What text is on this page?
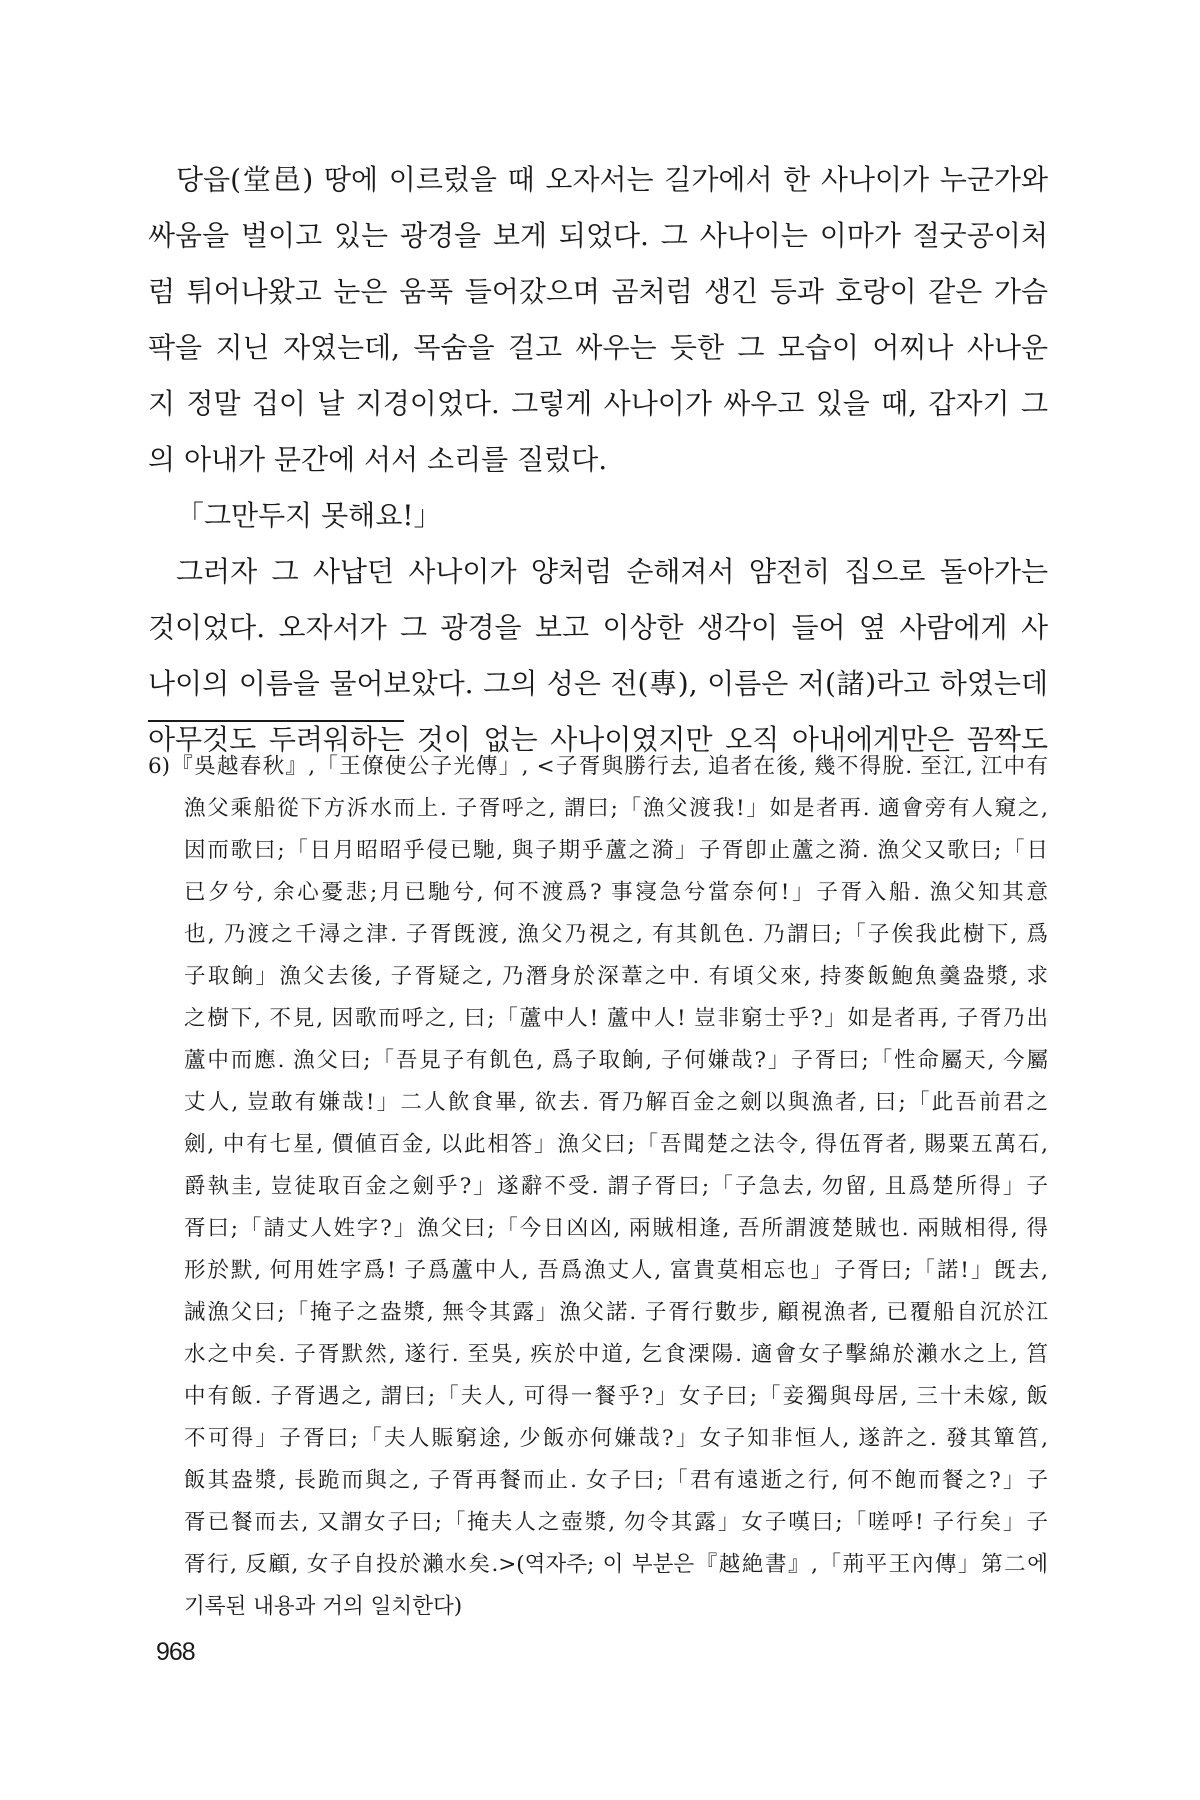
당읍(堂邑) 땅에 이르렀을 때 오자서는 길가에서 한 사나이가 누군가와
싸움을 벌이고 있는 광경을 보게 되었다. 그 사나이는 이마가 절굿공이처
럼 튀어나왔고 눈은 움푹 들어갔으며 곰처럼 생긴 등과 호랑이 같은 가슴
팍을 지닌 자였는데, 목숨을 걸고 싸우는 듯한 그 모습이 어찌나 사나운
지 정말 겁이 날 지경이었다. 그렇게 사나이가 싸우고 있을 때, 갑자기 그
의 아내가 문간에 서서 소리를 질렀다.
「그만두지 못해요!」
그러자 그 사납던 사나이가 양처럼 순해져서 얌전히 집으로 돌아가는
것이었다. 오자서가 그 광경을 보고 이상한 생각이 들어 옆 사람에게 사
나이의 이름을 물어보았다. 그의 성은 전(專), 이름은 저(諸)라고 하였는데
아무것도 두려워하는 것이 없는 사나이였지만 오직 아내에게만은 꼼짝도
6)『吳越春秋』,「王僚使公子光傳」, <子胥與勝行去, 追者在後, 幾不得脫. 至江, 江中有
漁父乘船從下方泝水而上. 子胥呼之, 謂曰;「漁父渡我!」如是者再. 適會旁有人窺之,
因而歌曰;「日月昭昭乎侵已馳, 與子期乎蘆之漪」子胥卽止蘆之漪. 漁父又歌曰;「日
已夕兮, 余心憂悲;月已馳兮, 何不渡爲? 事寖急兮當奈何!」子胥入船. 漁父知其意
也, 乃渡之千潯之津. 子胥旣渡, 漁父乃視之, 有其飢色. 乃謂曰;「子俟我此樹下, 爲
子取餉」漁父去後, 子胥疑之, 乃潛身於深葦之中. 有頃父來, 持麥飯鮑魚羹盎漿, 求
之樹下, 不見, 因歌而呼之, 曰;「蘆中人! 蘆中人! 豈非窮士乎?」如是者再, 子胥乃出
蘆中而應. 漁父曰;「吾見子有飢色, 爲子取餉, 子何嫌哉?」子胥曰;「性命屬天, 今屬
丈人, 豈敢有嫌哉!」二人飮食畢, 欲去. 胥乃解百金之劍以與漁者, 曰;「此吾前君之
劍, 中有七星, 價値百金, 以此相答」漁父曰;「吾聞楚之法令, 得伍胥者, 賜粟五萬石,
爵執圭, 豈徒取百金之劍乎?」遂辭不受. 謂子胥曰;「子急去, 勿留, 且爲楚所得」子
胥曰;「請丈人姓字?」漁父曰;「今日凶凶, 兩賊相逢, 吾所謂渡楚賊也. 兩賊相得, 得
形於默, 何用姓字爲! 子爲蘆中人, 吾爲漁丈人, 富貴莫相忘也」子胥曰;「諾!」旣去,
誡漁父曰;「掩子之盎漿, 無令其露」漁父諾. 子胥行數步, 顧視漁者, 已覆船自沉於江
水之中矣. 子胥默然, 遂行. 至吳, 疾於中道, 乞食溧陽. 適會女子擊綿於瀨水之上, 筥
中有飯. 子胥遇之, 謂曰;「夫人, 可得一餐乎?」女子曰;「妾獨與母居, 三十未嫁, 飯
不可得」子胥曰;「夫人賑窮途, 少飯亦何嫌哉?」女子知非恒人, 遂許之. 發其簞筥,
飯其盎漿, 長跪而與之, 子胥再餐而止. 女子曰;「君有遠逝之行, 何不飽而餐之?」子
胥已餐而去, 又謂女子曰;「掩夫人之壺漿, 勿令其露」女子嘆曰;「嗟呼! 子行矣」子
胥行, 反顧, 女子自投於瀨水矣.>(역자주; 이 부분은『越絶書』,「荊平王內傳」第二에
기록된 내용과 거의 일치한다)
968
